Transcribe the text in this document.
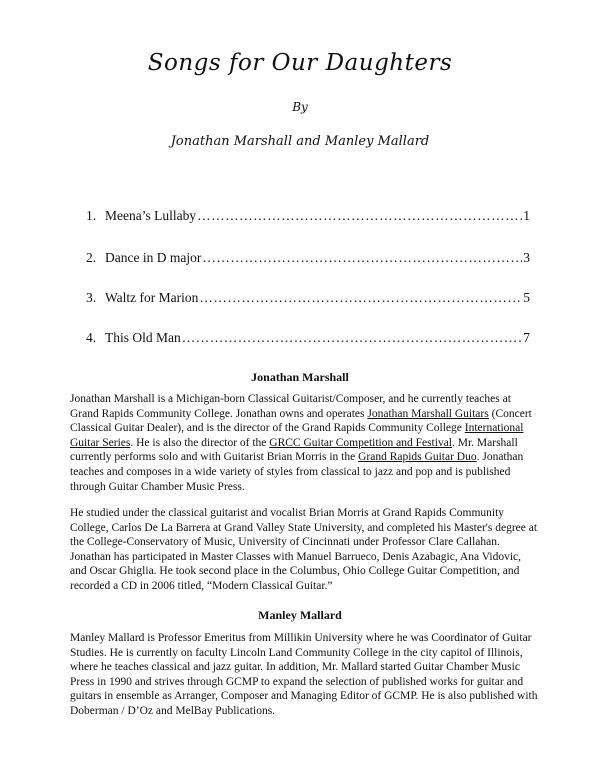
Songs for Our Daughters
By
Jonathan Marshall and Manley Mallard
1. Meena’s Lullaby ……………………………………………………………………………………………………………………………………………………	1
2. Dance in D major ……………………………………………………………………………………………………………………………………………………	3
3. Waltz for Marion ……………………………………………………………………………………………………………………………………………………	5
4. This Old Man ……………………………………………………………………………………………………………………………………………………	7
Jonathan Marshall

Jonathan Marshall is a Michigan-born Classical Guitarist/Composer, and he currently teaches at Grand Rapids Community College. Jonathan owns and operates Jonathan Marshall Guitars (Concert Classical Guitar Dealer), and is the director of the Grand Rapids Community College International Guitar Series. He is also the director of the GRCC Guitar Competition and Festival. Mr. Marshall currently performs solo and with Guitarist Brian Morris in the Grand Rapids Guitar Duo. Jonathan teaches and composes in a wide variety of styles from classical to jazz and pop and is published through Guitar Chamber Music Press.

He studied under the classical guitarist and vocalist Brian Morris at Grand Rapids Community College, Carlos De La Barrera at Grand Valley State University, and completed his Master's degree at the College-Conservatory of Music, University of Cincinnati under Professor Clare Callahan. Jonathan has participated in Master Classes with Manuel Barrueco, Denis Azabagic, Ana Vidovic, and Oscar Ghiglia. He took second place in the Columbus, Ohio College Guitar Competition, and recorded a CD in 2006 titled, “Modern Classical Guitar.”

Manley Mallard

Manley Mallard is Professor Emeritus from Millikin University where he was Coordinator of Guitar Studies. He is currently on faculty Lincoln Land Community College in the city capitol of Illinois, where he teaches classical and jazz guitar. In addition, Mr. Mallard started Guitar Chamber Music Press in 1990 and strives through GCMP to expand the selection of published works for guitar and guitars in ensemble as Arranger, Composer and Managing Editor of GCMP. He is also published with Doberman / D’Oz and MelBay Publications.
